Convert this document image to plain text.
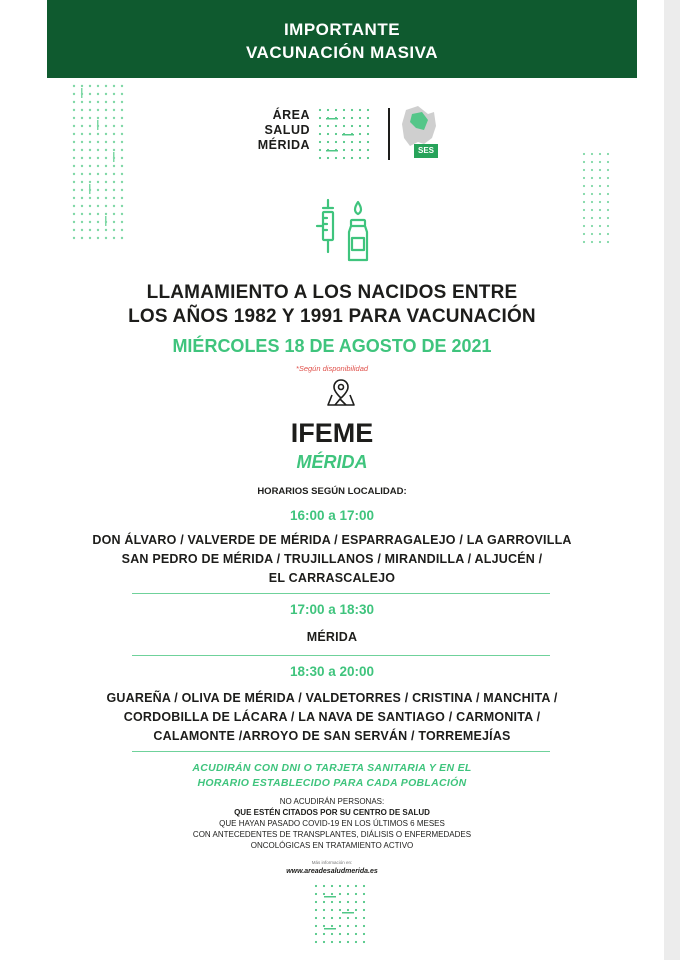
IMPORTANTE
VACUNACIÓN MASIVA
ÁREA
SALUD
MÉRIDA	SES
LLAMAMIENTO A LOS NACIDOS ENTRE
LOS AÑOS 1982 Y 1991 PARA VACUNACIÓN
MIÉRCOLES 18 DE AGOSTO DE 2021
*Según disponibilidad
IFEME
MÉRIDA
HORARIOS SEGÚN LOCALIDAD:
16:00 a 17:00
DON ÁLVARO / VALVERDE DE MÉRIDA / ESPARRAGALEJO / LA GARROVILLA
SAN PEDRO DE MÉRIDA / TRUJILLANOS / MIRANDILLA / ALJUCÉN /
EL CARRASCALEJO
17:00 a 18:30
MÉRIDA
18:30 a 20:00
GUAREÑA / OLIVA DE MÉRIDA / VALDETORRES / CRISTINA / MANCHITA /
CORDOBILLA DE LÁCARA / LA NAVA DE SANTIAGO / CARMONITA /
CALAMONTE /ARROYO DE SAN SERVÁN / TORREMEJÍAS
ACUDIRÁN CON DNI O TARJETA SANITARIA Y EN EL
HORARIO ESTABLECIDO PARA CADA POBLACIÓN
NO ACUDIRÁN PERSONAS:
QUE ESTÉN CITADOS POR SU CENTRO DE SALUD
QUE HAYAN PASADO COVID-19 EN LOS ÚLTIMOS 6 MESES
CON ANTECEDENTES DE TRANSPLANTES, DIÁLISIS O ENFERMEDADES
ONCOLÓGICAS EN TRATAMIENTO ACTIVO
Más información en:
www.areadesaludmerida.es
